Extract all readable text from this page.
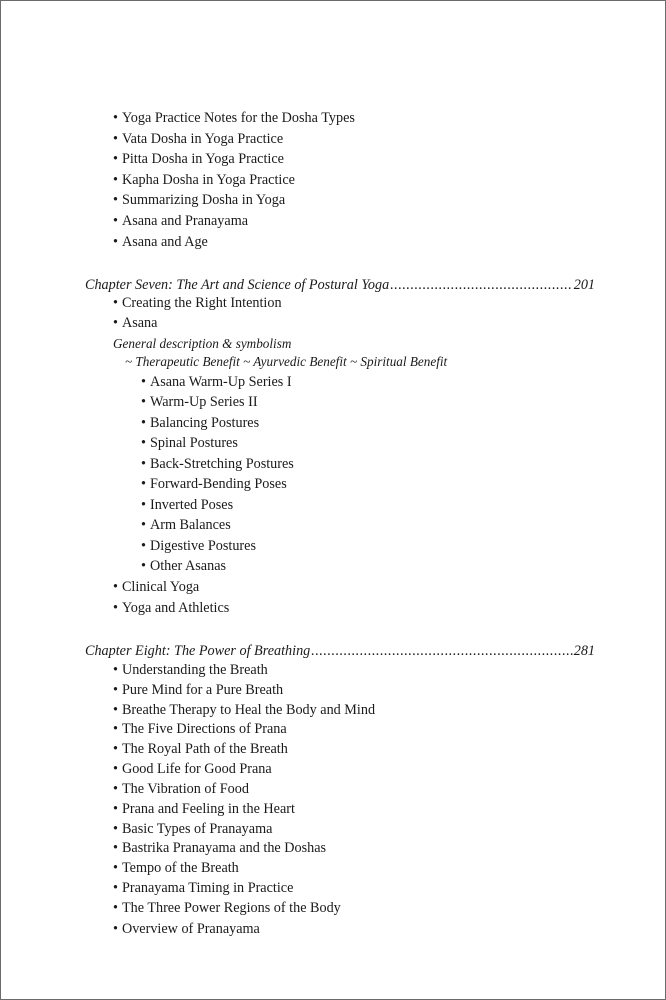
• Yoga Practice Notes for the Dosha Types
• Vata Dosha in Yoga Practice
• Pitta Dosha in Yoga Practice
• Kapha Dosha in Yoga Practice
• Summarizing Dosha in Yoga
• Asana and Pranayama
• Asana and Age
Chapter Seven: The Art and Science of Postural Yoga .....	201
• Creating the Right Intention
• Asana
General description & symbolism
~ Therapeutic Benefit ~ Ayurvedic Benefit ~ Spiritual Benefit
• Asana Warm-Up Series I
• Warm-Up Series II
• Balancing Postures
• Spinal Postures
• Back-Stretching Postures
• Forward-Bending Poses
• Inverted Poses
• Arm Balances
• Digestive Postures
• Other Asanas
• Clinical Yoga
• Yoga and Athletics
Chapter Eight: The Power of Breathing .....	281
• Understanding the Breath
• Pure Mind for a Pure Breath
• Breathe Therapy to Heal the Body and Mind
• The Five Directions of Prana
• The Royal Path of the Breath
• Good Life for Good Prana
• The Vibration of Food
• Prana and Feeling in the Heart
• Basic Types of Pranayama
• Bastrika Pranayama and the Doshas
• Tempo of the Breath
• Pranayama Timing in Practice
• The Three Power Regions of the Body
• Overview of Pranayama
